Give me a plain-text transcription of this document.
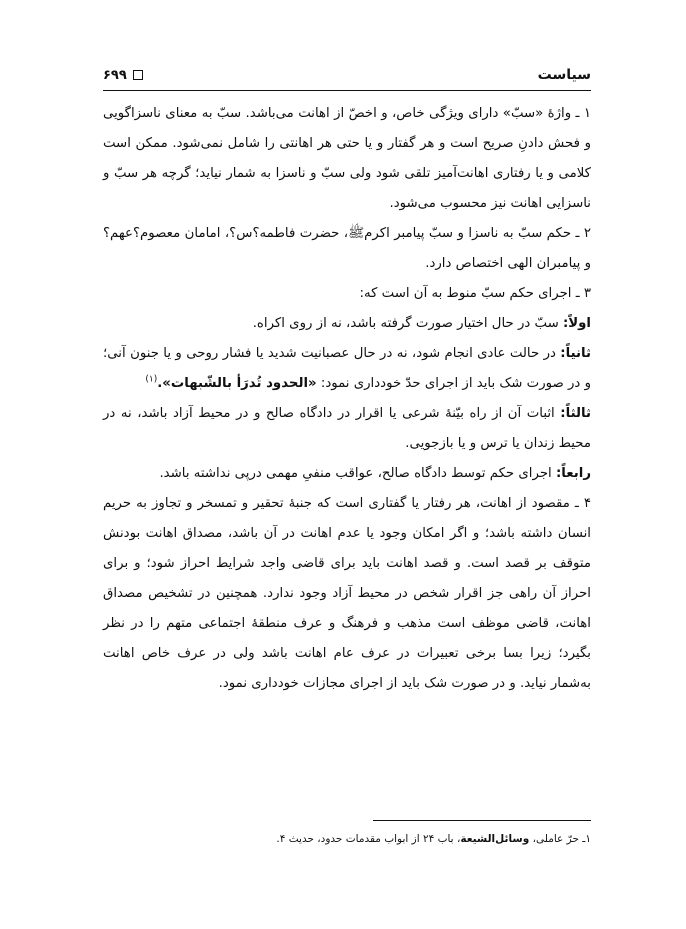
سیاست
۶۹۹

۱ ـ واژهٔ «سبّ» دارای ویژگی خاص، و اخصّ از اهانت می‌باشد. سبّ به معنای ناسزاگویی و فحش دادنِ صریح است و هر گفتار و یا حتی هر اهانتی را شامل نمی‌شود. ممکن است کلامی و یا رفتاری اهانت‌آمیز تلقی شود ولی سبّ و ناسزا به شمار نیاید؛ گرچه هر سبّ و ناسزایی اهانت نیز محسوب می‌شود.

۲ ـ حکم سبّ به ناسزا و سبّ پیامبر اکرمﷺ، حضرت فاطمه‌؟س؟، امامان معصوم؟عهم؟ و پیامبران الهی اختصاص دارد.

۳ ـ اجرای حکم سبّ منوط به آن است که:

اولاً: سبّ در حال اختیار صورت گرفته باشد، نه از روی اکراه.

ثانیاً: در حالت عادی انجام شود، نه در حال عصبانیت شدید یا فشار روحی و یا جنون آنی؛ و در صورت شک باید از اجرای حدّ خودداری نمود: «الحدود تُدرَأ بالشّبهات».$^{(۱)}$

ثالثاً: اثبات آن از راه بیّنهٔ شرعی یا اقرار در دادگاه صالح و در محیط آزاد باشد، نه در محیط زندان یا ترس و یا بازجویی.

رابعاً: اجرای حکم توسط دادگاه صالح، عواقب منفیِ مهمی درپی نداشته باشد.

۴ ـ مقصود از اهانت، هر رفتار یا گفتاری است که جنبهٔ تحقیر و تمسخر و تجاوز به حریم انسان داشته باشد؛ و اگر امکان وجود یا عدم اهانت در آن باشد، مصداق اهانت بودنش متوقف بر قصد است. و قصد اهانت باید برای قاضی واجد شرایط احراز شود؛ و برای احراز آن راهی جز اقرار شخص در محیط آزاد وجود ندارد. همچنین در تشخیص مصداق اهانت، قاضی موظف است مذهب و فرهنگ و عرف منطقهٔ اجتماعی متهم را در نظر بگیرد؛ زیرا بسا برخی تعبیرات در عرف عام اهانت باشد ولی در عرف خاص اهانت به‌شمار نیاید. و در صورت شک باید از اجرای مجازات خودداری نمود.

۱ـ حرّ عاملی، وسائل‌الشیعة، باب ۲۴ از ابواب مقدمات حدود، حدیث ۴.
